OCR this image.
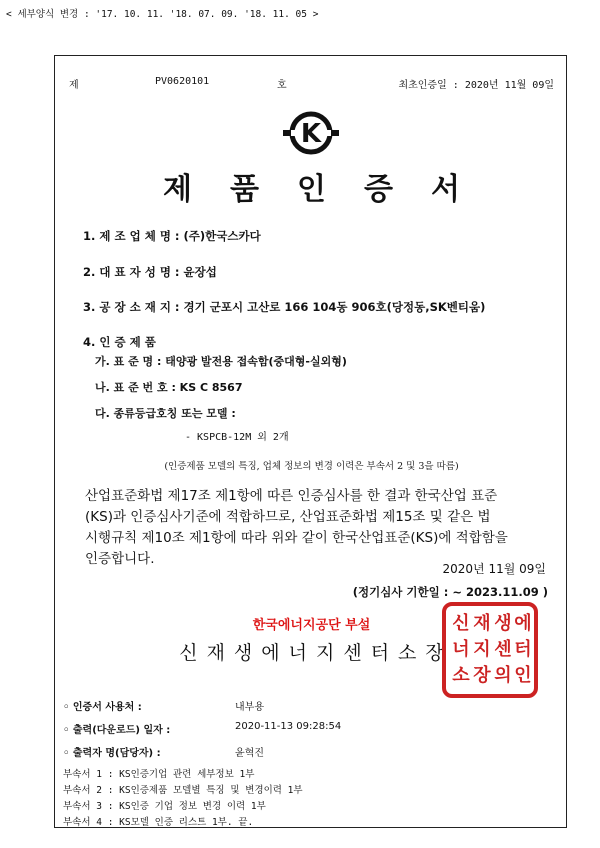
< 세부양식 변경 : '17. 10. 11. '18. 07. 09. '18. 11. 05 >
제	PV0620101	호	최초인증일 : 2020년 11월 09일
K
제품인증서
1. 제 조 업 체 명 : (주)한국스카다
2. 대 표 자 성 명 : 윤장섭
3. 공 장 소 재 지 : 경기 군포시 고산로 166 104동 906호(당정동,SK벤티움)
4. 인 증 제 품
가. 표 준 명 : 태양광 발전용 접속함(중대형-실외형)
나. 표 준 번 호 : KS C 8567
다. 종류등급호칭 또는 모델 :
- KSPCB-12M 외 2개
(인증제품 모델의 특징, 업체 정보의 변경 이력은 부속서 2 및 3을 따름)
산업표준화법 제17조 제1항에 따른 인증심사를 한 결과 한국산업 표준
(KS)과 인증심사기준에 적합하므로, 산업표준화법 제15조 및 같은 법
시행규칙 제10조 제1항에 따라 위와 같이 한국산업표준(KS)에 적합함을
인증합니다.
2020년 11월 09일
(정기심사 기한일 : ~ 2023.11.09 )
한국에너지공단 부설
신재생에너지센터소장
신 재 생 에
너 지 센 터
소 장 의 인
◦ 인증서 사용처 :	내부용
◦ 출력(다운로드) 일자 :	2020-11-13 09:28:54
◦ 출력자 명(담당자) :	윤혁진
부속서 1 : KS인증기업 관련 세부정보 1부
부속서 2 : KS인증제품 모델별 특징 및 변경이력 1부
부속서 3 : KS인증 기업 정보 변경 이력 1부
부속서 4 : KS모델 인증 리스트 1부. 끝.
